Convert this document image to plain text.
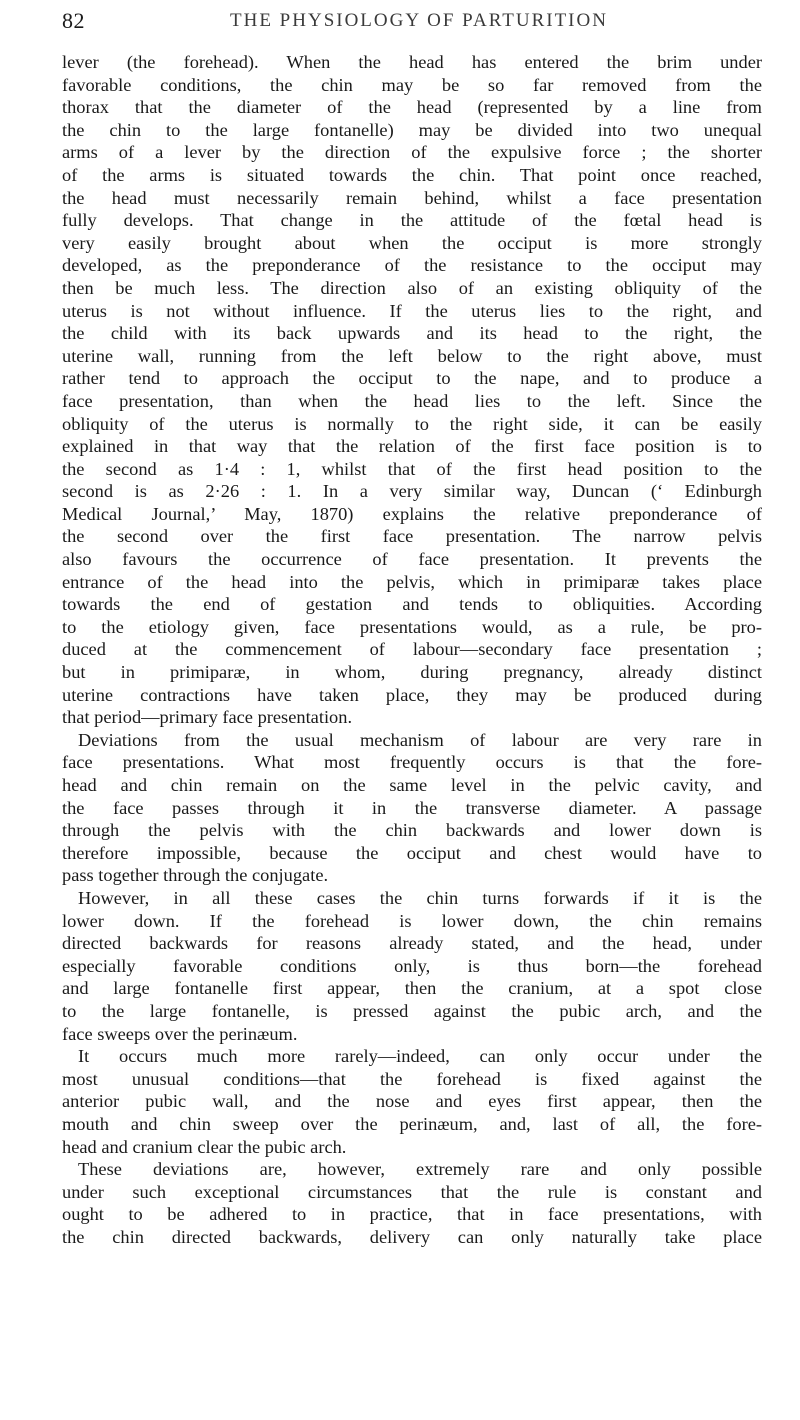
82	THE PHYSIOLOGY OF PARTURITION
lever (the forehead). When the head has entered the brim under
favorable conditions, the chin may be so far removed from the
thorax that the diameter of the head (represented by a line from
the chin to the large fontanelle) may be divided into two unequal
arms of a lever by the direction of the expulsive force ; the shorter
of the arms is situated towards the chin. That point once reached,
the head must necessarily remain behind, whilst a face presentation
fully develops. That change in the attitude of the fœtal head is
very easily brought about when the occiput is more strongly
developed, as the preponderance of the resistance to the occiput may
then be much less. The direction also of an existing obliquity of the
uterus is not without influence. If the uterus lies to the right, and
the child with its back upwards and its head to the right, the
uterine wall, running from the left below to the right above, must
rather tend to approach the occiput to the nape, and to produce a
face presentation, than when the head lies to the left. Since the
obliquity of the uterus is normally to the right side, it can be easily
explained in that way that the relation of the first face position is to
the second as 1·4 : 1, whilst that of the first head position to the
second is as 2·26 : 1. In a very similar way, Duncan (‘ Edinburgh
Medical Journal,’ May, 1870) explains the relative preponderance of
the second over the first face presentation. The narrow pelvis
also favours the occurrence of face presentation. It prevents the
entrance of the head into the pelvis, which in primiparæ takes place
towards the end of gestation and tends to obliquities. According
to the etiology given, face presentations would, as a rule, be pro-
duced at the commencement of labour—secondary face presentation ;
but in primiparæ, in whom, during pregnancy, already distinct
uterine contractions have taken place, they may be produced during
that period—primary face presentation.
Deviations from the usual mechanism of labour are very rare in
face presentations. What most frequently occurs is that the fore-
head and chin remain on the same level in the pelvic cavity, and
the face passes through it in the transverse diameter. A passage
through the pelvis with the chin backwards and lower down is
therefore impossible, because the occiput and chest would have to
pass together through the conjugate.
However, in all these cases the chin turns forwards if it is the
lower down. If the forehead is lower down, the chin remains
directed backwards for reasons already stated, and the head, under
especially favorable conditions only, is thus born—the forehead
and large fontanelle first appear, then the cranium, at a spot close
to the large fontanelle, is pressed against the pubic arch, and the
face sweeps over the perinæum.
It occurs much more rarely—indeed, can only occur under the
most unusual conditions—that the forehead is fixed against the
anterior pubic wall, and the nose and eyes first appear, then the
mouth and chin sweep over the perinæum, and, last of all, the fore-
head and cranium clear the pubic arch.
These deviations are, however, extremely rare and only possible
under such exceptional circumstances that the rule is constant and
ought to be adhered to in practice, that in face presentations, with
the chin directed backwards, delivery can only naturally take place
